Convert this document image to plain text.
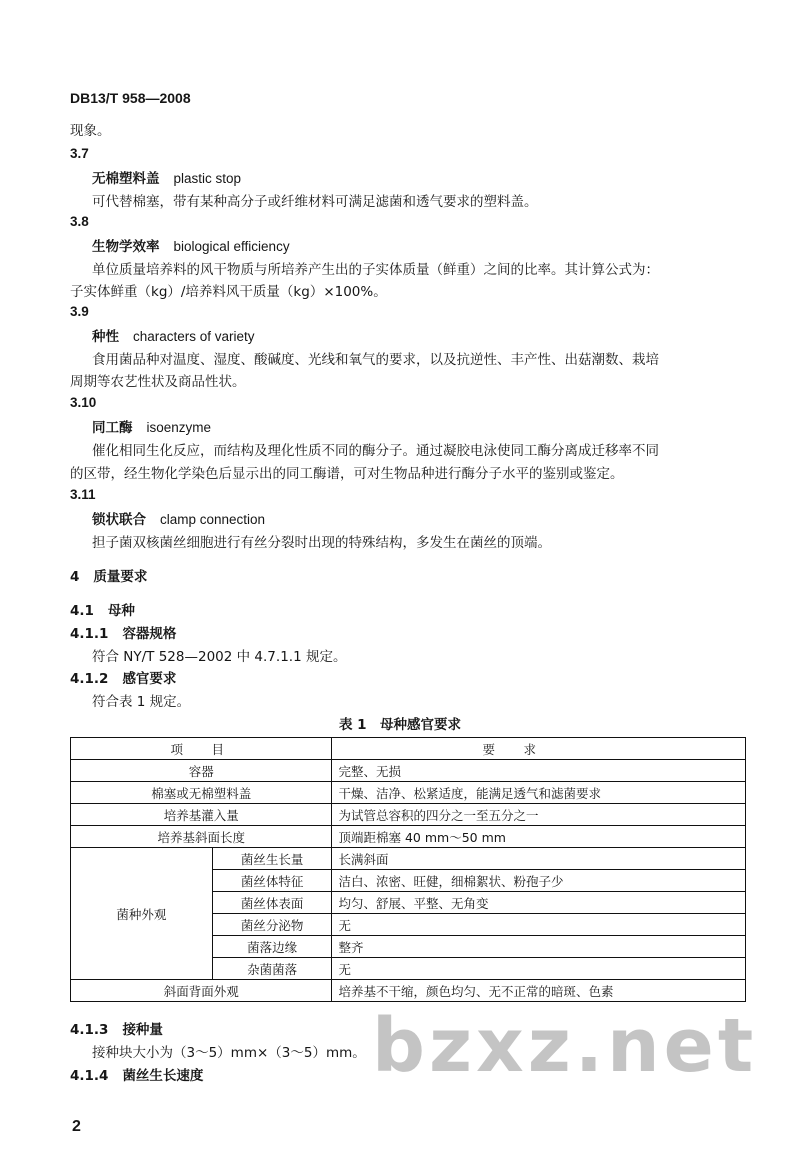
DB13/T 958—2008
现象。
3.7
无棉塑料盖 plastic stop
可代替棉塞，带有某种高分子或纤维材料可满足滤菌和透气要求的塑料盖。
3.8
生物学效率 biological efficiency
单位质量培养料的风干物质与所培养产生出的子实体质量（鲜重）之间的比率。其计算公式为：
子实体鲜重（kg）/培养料风干质量（kg）×100%。
3.9
种性 characters of variety
食用菌品种对温度、湿度、酸碱度、光线和氧气的要求，以及抗逆性、丰产性、出菇潮数、栽培
周期等农艺性状及商品性状。
3.10
同工酶 isoenzyme
催化相同生化反应，而结构及理化性质不同的酶分子。通过凝胶电泳使同工酶分离成迁移率不同
的区带，经生物化学染色后显示出的同工酶谱，可对生物品种进行酶分子水平的鉴别或鉴定。
3.11
锁状联合 clamp connection
担子菌双核菌丝细胞进行有丝分裂时出现的特殊结构，多发生在菌丝的顶端。
4 质量要求
4.1 母种
4.1.1 容器规格
符合 NY/T 528—2002 中 4.7.1.1 规定。
4.1.2 感官要求
符合表 1 规定。
表 1　母种感官要求
项　目		要　求
容器		完整、无损
棉塞或无棉塑料盖		干燥、洁净、松紧适度，能满足透气和滤菌要求
培养基灌入量		为试管总容积的四分之一至五分之一
培养基斜面长度		顶端距棉塞 40 mm～50 mm
菌种外观	菌丝生长量	长满斜面
	菌丝体特征	洁白、浓密、旺健，细棉絮状、粉孢子少
	菌丝体表面	均匀、舒展、平整、无角变
	菌丝分泌物	无
	菌落边缘	整齐
	杂菌菌落	无
斜面背面外观		培养基不干缩，颜色均匀、无不正常的暗斑、色素
4.1.3 接种量
接种块大小为（3～5）mm×（3～5）mm。
4.1.4 菌丝生长速度 bzxz.net
2
